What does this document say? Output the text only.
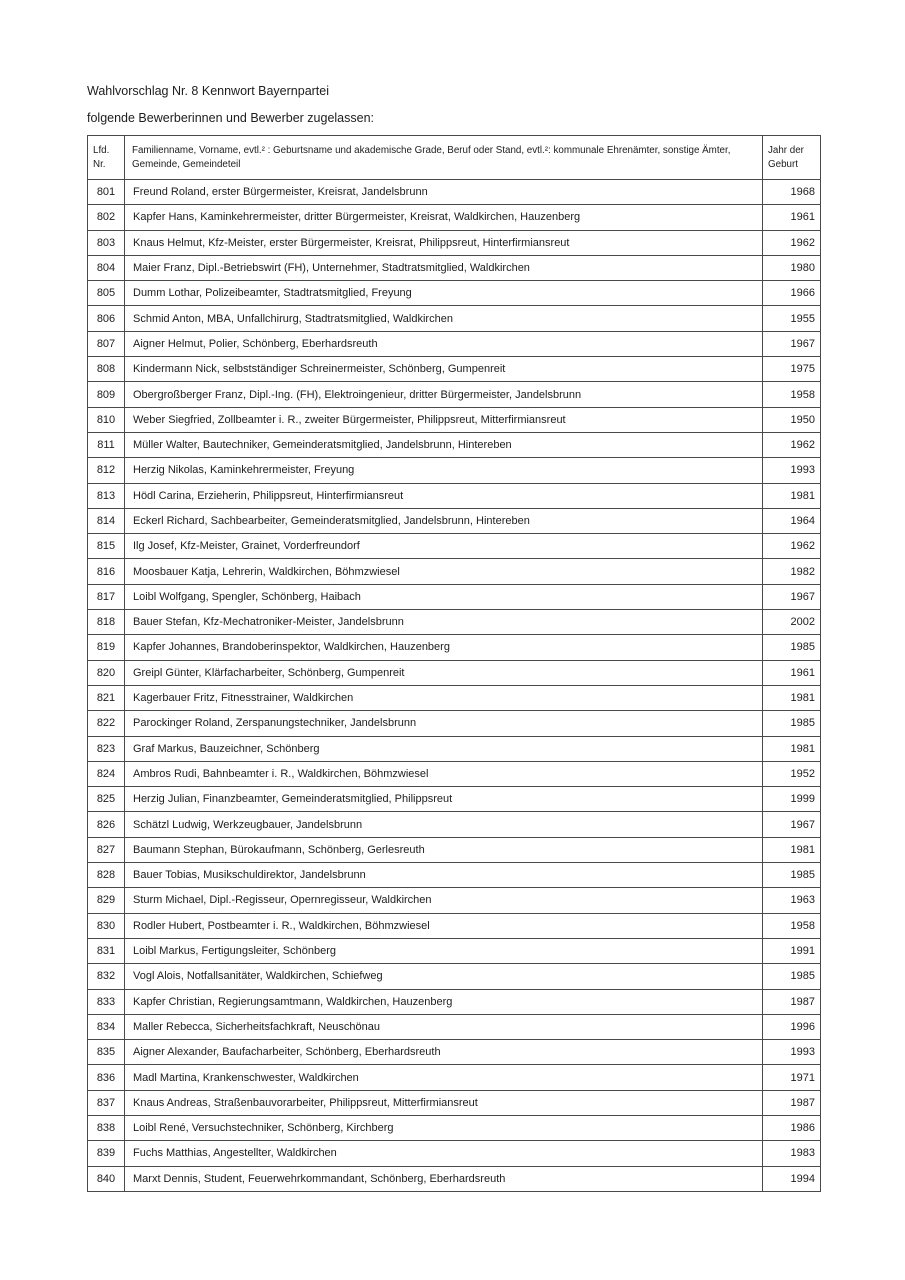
Wahlvorschlag Nr. 8 Kennwort Bayernpartei
folgende Bewerberinnen und Bewerber zugelassen:
Lfd. Nr.	Familienname, Vorname, evtl.² : Geburtsname und akademische Grade, Beruf oder Stand, evtl.²: kommunale Ehrenämter, sonstige Ämter, Gemeinde, Gemeindeteil	Jahr der Geburt
801	Freund Roland, erster Bürgermeister, Kreisrat, Jandelsbrunn	1968
802	Kapfer Hans, Kaminkehrermeister, dritter Bürgermeister, Kreisrat, Waldkirchen, Hauzenberg	1961
803	Knaus Helmut, Kfz-Meister, erster Bürgermeister, Kreisrat, Philippsreut, Hinterfirmiansreut	1962
804	Maier Franz, Dipl.-Betriebswirt (FH), Unternehmer, Stadtratsmitglied, Waldkirchen	1980
805	Dumm Lothar, Polizeibeamter, Stadtratsmitglied, Freyung	1966
806	Schmid Anton, MBA, Unfallchirurg, Stadtratsmitglied, Waldkirchen	1955
807	Aigner Helmut, Polier, Schönberg, Eberhardsreuth	1967
808	Kindermann Nick, selbstständiger Schreinermeister, Schönberg, Gumpenreit	1975
809	Obergroßberger Franz, Dipl.-Ing. (FH), Elektroingenieur, dritter Bürgermeister, Jandelsbrunn	1958
810	Weber Siegfried, Zollbeamter i. R., zweiter Bürgermeister, Philippsreut, Mitterfirmiansreut	1950
811	Müller Walter, Bautechniker, Gemeinderatsmitglied, Jandelsbrunn, Hintereben	1962
812	Herzig Nikolas, Kaminkehrermeister, Freyung	1993
813	Hödl Carina, Erzieherin, Philippsreut, Hinterfirmiansreut	1981
814	Eckerl Richard, Sachbearbeiter, Gemeinderatsmitglied, Jandelsbrunn, Hintereben	1964
815	Ilg Josef, Kfz-Meister, Grainet, Vorderfreundorf	1962
816	Moosbauer Katja, Lehrerin, Waldkirchen, Böhmzwiesel	1982
817	Loibl Wolfgang, Spengler, Schönberg, Haibach	1967
818	Bauer Stefan, Kfz-Mechatroniker-Meister, Jandelsbrunn	2002
819	Kapfer Johannes, Brandoberinspektor, Waldkirchen, Hauzenberg	1985
820	Greipl Günter, Klärfacharbeiter, Schönberg, Gumpenreit	1961
821	Kagerbauer Fritz, Fitnesstrainer, Waldkirchen	1981
822	Parockinger Roland, Zerspanungstechniker, Jandelsbrunn	1985
823	Graf Markus, Bauzeichner, Schönberg	1981
824	Ambros Rudi, Bahnbeamter i. R., Waldkirchen, Böhmzwiesel	1952
825	Herzig Julian, Finanzbeamter, Gemeinderatsmitglied, Philippsreut	1999
826	Schätzl Ludwig, Werkzeugbauer, Jandelsbrunn	1967
827	Baumann Stephan, Bürokaufmann, Schönberg, Gerlesreuth	1981
828	Bauer Tobias, Musikschuldirektor, Jandelsbrunn	1985
829	Sturm Michael, Dipl.-Regisseur, Opernregisseur, Waldkirchen	1963
830	Rodler Hubert, Postbeamter i. R., Waldkirchen, Böhmzwiesel	1958
831	Loibl Markus, Fertigungsleiter, Schönberg	1991
832	Vogl Alois, Notfallsanitäter, Waldkirchen, Schiefweg	1985
833	Kapfer Christian, Regierungsamtmann, Waldkirchen, Hauzenberg	1987
834	Maller Rebecca, Sicherheitsfachkraft, Neuschönau	1996
835	Aigner Alexander, Baufacharbeiter, Schönberg, Eberhardsreuth	1993
836	Madl Martina, Krankenschwester, Waldkirchen	1971
837	Knaus Andreas, Straßenbauvorarbeiter, Philippsreut, Mitterfirmiansreut	1987
838	Loibl René, Versuchstechniker, Schönberg, Kirchberg	1986
839	Fuchs Matthias, Angestellter, Waldkirchen	1983
840	Marxt Dennis, Student, Feuerwehrkommandant, Schönberg, Eberhardsreuth	1994
